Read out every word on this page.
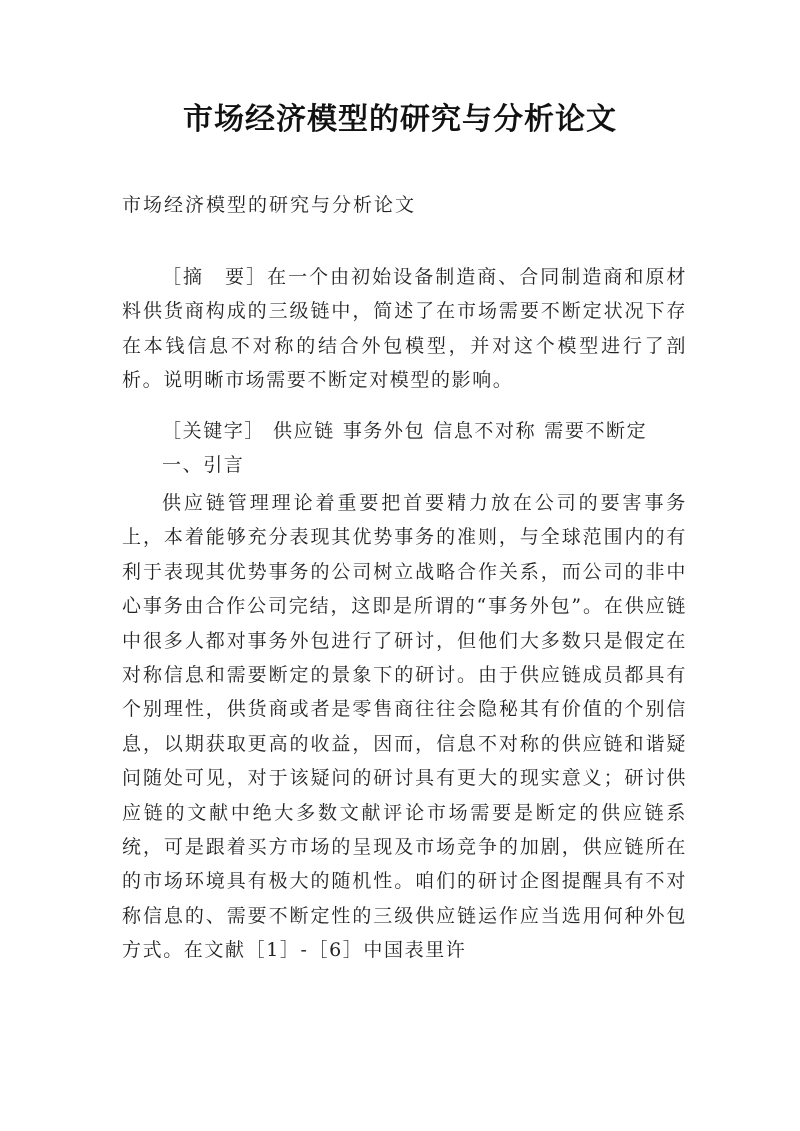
市场经济模型的研究与分析论文
市场经济模型的研究与分析论文
［摘　要］在一个由初始设备制造商、合同制造商和原材料供货商构成的三级链中，简述了在市场需要不断定状况下存在本钱信息不对称的结合外包模型，并对这个模型进行了剖析。说明晰市场需要不断定对模型的影响。
［关键字］ 供应链 事务外包 信息不对称 需要不断定
一、引言
供应链管理理论着重要把首要精力放在公司的要害事务上，本着能够充分表现其优势事务的准则，与全球范围内的有利于表现其优势事务的公司树立战略合作关系，而公司的非中心事务由合作公司完结，这即是所谓的“事务外包”。在供应链中很多人都对事务外包进行了研讨，但他们大多数只是假定在对称信息和需要断定的景象下的研讨。由于供应链成员都具有个别理性，供货商或者是零售商往往会隐秘其有价值的个别信息，以期获取更高的收益，因而，信息不对称的供应链和谐疑问随处可见，对于该疑问的研讨具有更大的现实意义；研讨供应链的文献中绝大多数文献评论市场需要是断定的供应链系统，可是跟着买方市场的呈现及市场竞争的加剧，供应链所在的市场环境具有极大的随机性。咱们的研讨企图提醒具有不对称信息的、需要不断定性的三级供应链运作应当选用何种外包方式。在文献［1］-［6］中国表里许
